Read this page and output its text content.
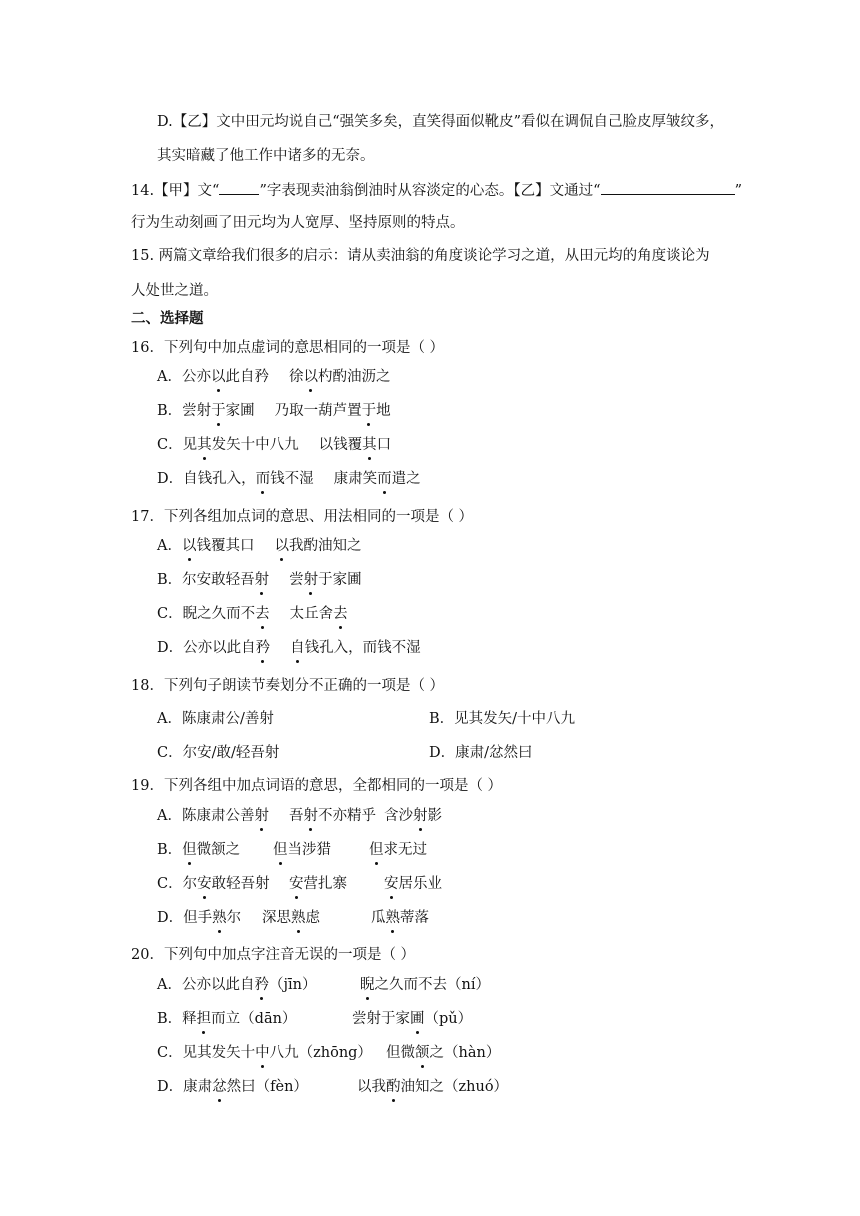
D.【乙】文中田元均说自己“强笑多矣，直笑得面似靴皮”看似在调侃自己脸皮厚皱纹多，
其实暗藏了他工作中诸多的无奈。
14.【甲】文“	”字表现卖油翁倒油时从容淡定的心态。【乙】文通过“	”
行为生动刻画了田元均为人宽厚、坚持原则的特点。
15. 两篇文章给我们很多的启示：请从卖油翁的角度谈论学习之道，从田元均的角度谈论为
人处世之道。
二、选择题
16．下列句中加点虚词的意思相同的一项是（ ）
A．公亦以此自矜 徐以杓酌油沥之
B．尝射于家圃 乃取一葫芦置于地
C．见其发矢十中八九 以钱覆其口
D．自钱孔入，而钱不湿 康肃笑而遣之
17．下列各组加点词的意思、用法相同的一项是（ ）
A．以钱覆其口 以我酌油知之
B．尔安敢轻吾射 尝射于家圃
C．睨之久而不去 太丘舍去
D．公亦以此自矜 自钱孔入，而钱不湿
18．下列句子朗读节奏划分不正确的一项是（ ）
A．陈康肃公/善射	B．见其发矢/十中八九
C．尔安/敢/轻吾射	D．康肃/忿然曰
19．下列各组中加点词语的意思，全都相同的一项是（ ）
A．陈康肃公善射 吾射不亦精乎 含沙射影
B．但微颔之 但当涉猎	但求无过
C．尔安敢轻吾射 安营扎寨	安居乐业
D．但手熟尔 深思熟虑	瓜熟蒂落
20．下列句中加点字注音无误的一项是（ ）
A．公亦以此自矜（jīn）	睨之久而不去（ní）
B．释担而立（dān）	尝射于家圃（pǔ）
C．见其发矢十中八九（zhōng） 但微颔之（hàn）
D．康肃忿然曰（fèn）	以我酌油知之（zhuó）
